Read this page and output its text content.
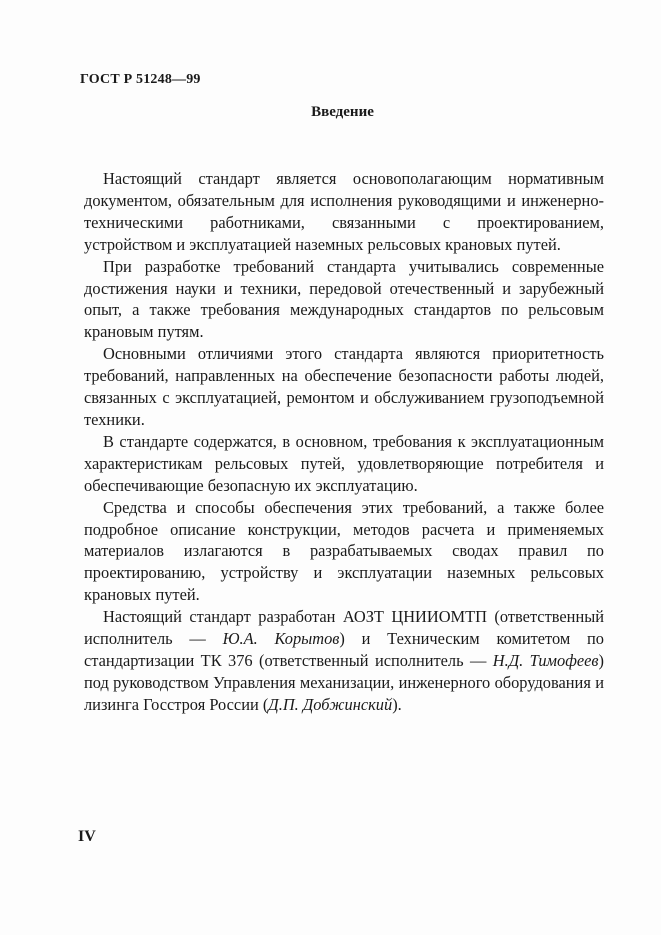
ГОСТ Р 51248—99
Введение

Настоящий стандарт является основополагающим нормативным документом, обязательным для исполнения руководящими и инженерно-техническими работниками, связанными с проектированием, устройством и эксплуатацией наземных рельсовых крановых путей.

При разработке требований стандарта учитывались современные достижения науки и техники, передовой отечественный и зарубежный опыт, а также требования международных стандартов по рельсовым крановым путям.

Основными отличиями этого стандарта являются приоритетность требований, направленных на обеспечение безопасности работы людей, связанных с эксплуатацией, ремонтом и обслуживанием грузоподъемной техники.

В стандарте содержатся, в основном, требования к эксплуатационным характеристикам рельсовых путей, удовлетворяющие потребителя и обеспечивающие безопасную их эксплуатацию.

Средства и способы обеспечения этих требований, а также более подробное описание конструкции, методов расчета и применяемых материалов излагаются в разрабатываемых сводах правил по проектированию, устройству и эксплуатации наземных рельсовых крановых путей.

Настоящий стандарт разработан АОЗТ ЦНИИОМТП (ответственный исполнитель — Ю.А. Корытов) и Техническим комитетом по стандартизации ТК 376 (ответственный исполнитель — Н.Д. Тимофеев) под руководством Управления механизации, инженерного оборудования и лизинга Госстроя России (Д.П. Добжинский).

IV
